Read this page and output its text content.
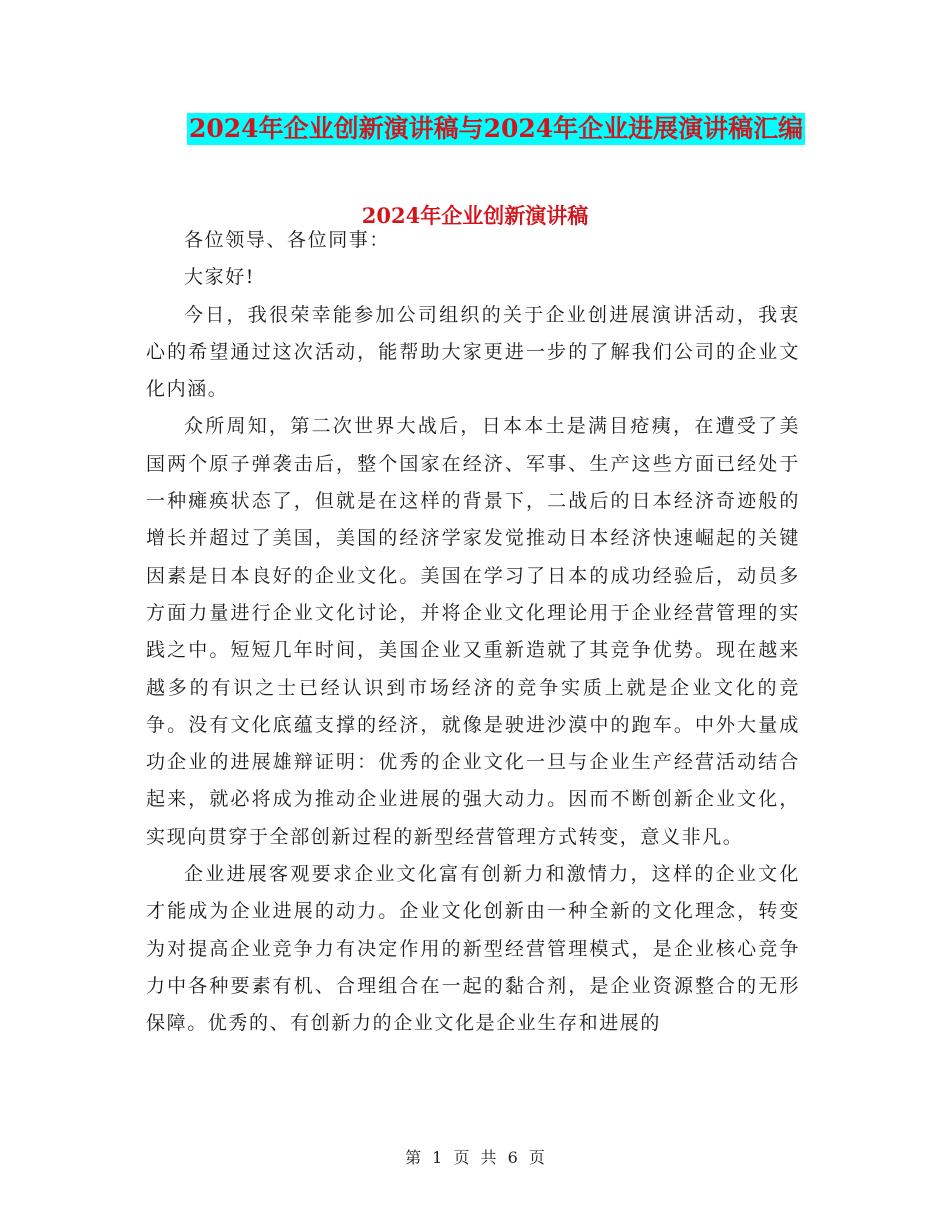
2024年企业创新演讲稿与2024年企业进展演讲稿汇编
2024年企业创新演讲稿

各位领导、各位同事：

大家好!

今日，我很荣幸能参加公司组织的关于企业创进展演讲活动，我衷心的希望通过这次活动，能帮助大家更进一步的了解我们公司的企业文化内涵。

众所周知，第二次世界大战后，日本本土是满目疮痍，在遭受了美国两个原子弹袭击后，整个国家在经济、军事、生产这些方面已经处于一种瘫痪状态了，但就是在这样的背景下，二战后的日本经济奇迹般的增长并超过了美国，美国的经济学家发觉推动日本经济快速崛起的关键因素是日本良好的企业文化。美国在学习了日本的成功经验后，动员多方面力量进行企业文化讨论，并将企业文化理论用于企业经营管理的实践之中。短短几年时间，美国企业又重新造就了其竞争优势。现在越来越多的有识之士已经认识到市场经济的竞争实质上就是企业文化的竞争。没有文化底蕴支撑的经济，就像是驶进沙漠中的跑车。中外大量成功企业的进展雄辩证明：优秀的企业文化一旦与企业生产经营活动结合起来，就必将成为推动企业进展的强大动力。因而不断创新企业文化，实现向贯穿于全部创新过程的新型经营管理方式转变，意义非凡。

企业进展客观要求企业文化富有创新力和激情力，这样的企业文化才能成为企业进展的动力。企业文化创新由一种全新的文化理念，转变为对提高企业竞争力有决定作用的新型经营管理模式，是企业核心竞争力中各种要素有机、合理组合在一起的黏合剂，是企业资源整合的无形保障。优秀的、有创新力的企业文化是企业生存和进展的

第 1 页 共 6 页
